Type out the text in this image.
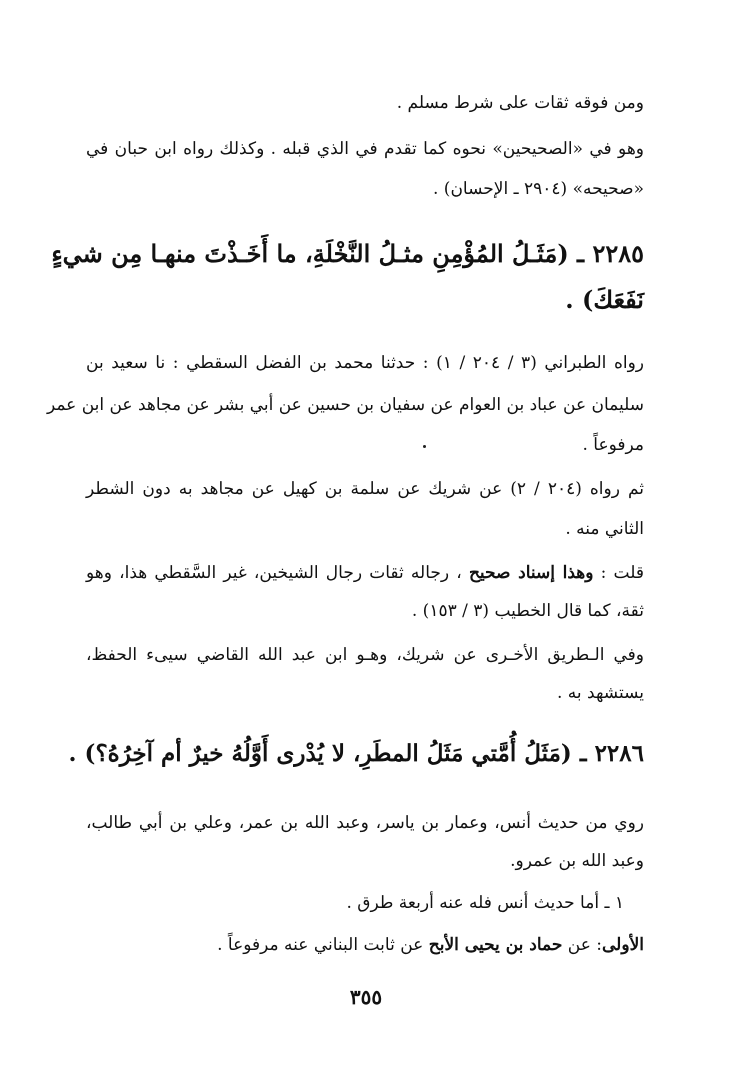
ومن فوقه ثقات على شرط مسلم .
وهو في «الصحيحين» نحوه كما تقدم في الذي قبله . وكذلك رواه ابن حبان في
«صحيحه» (٢٩٠٤ ـ الإحسان) .
٢٢٨٥ ـ (مَثَـلُ المُؤْمِنِ مثـلُ النَّخْلَةِ، ما أَخَـذْتَ منهـا مِن شيءٍ
نَفَعَكَ) .
رواه الطبراني (٣ / ٢٠٤ / ١) : حدثنا محمد بن الفضل السقطي : نا سعيد بن
سليمان عن عباد بن العوام عن سفيان بن حسين عن أبي بشر عن مجاهد عن ابن عمر
مرفوعاً .
ثم رواه (٢٠٤ / ٢) عن شريك عن سلمة بن كهيل عن مجاهد به دون الشطر
الثاني منه .
قلت : وهذا إسناد صحيح ، رجاله ثقات رجال الشيخين، غير السَّقطي هذا، وهو
ثقة، كما قال الخطيب (٣ / ١٥٣) .
وفي الـطريق الأخـرى عن شريك، وهـو ابن عبد الله القاضي سيىء الحفظ،
يستشهد به .
٢٢٨٦ ـ (مَثَلُ أُمَّتي مَثَلُ المطَرِ، لا يُدْرى أَوَّلُهُ خيرٌ أم آخِرُهُ؟) .
روي من حديث أنس، وعمار بن ياسر، وعبد الله بن عمر، وعلي بن أبي طالب،
وعبد الله بن عمرو.
١ ـ أما حديث أنس فله عنه أربعة طرق .
الأولى: عن حماد بن يحيى الأبح عن ثابت البناني عنه مرفوعاً .
٣٥٥
